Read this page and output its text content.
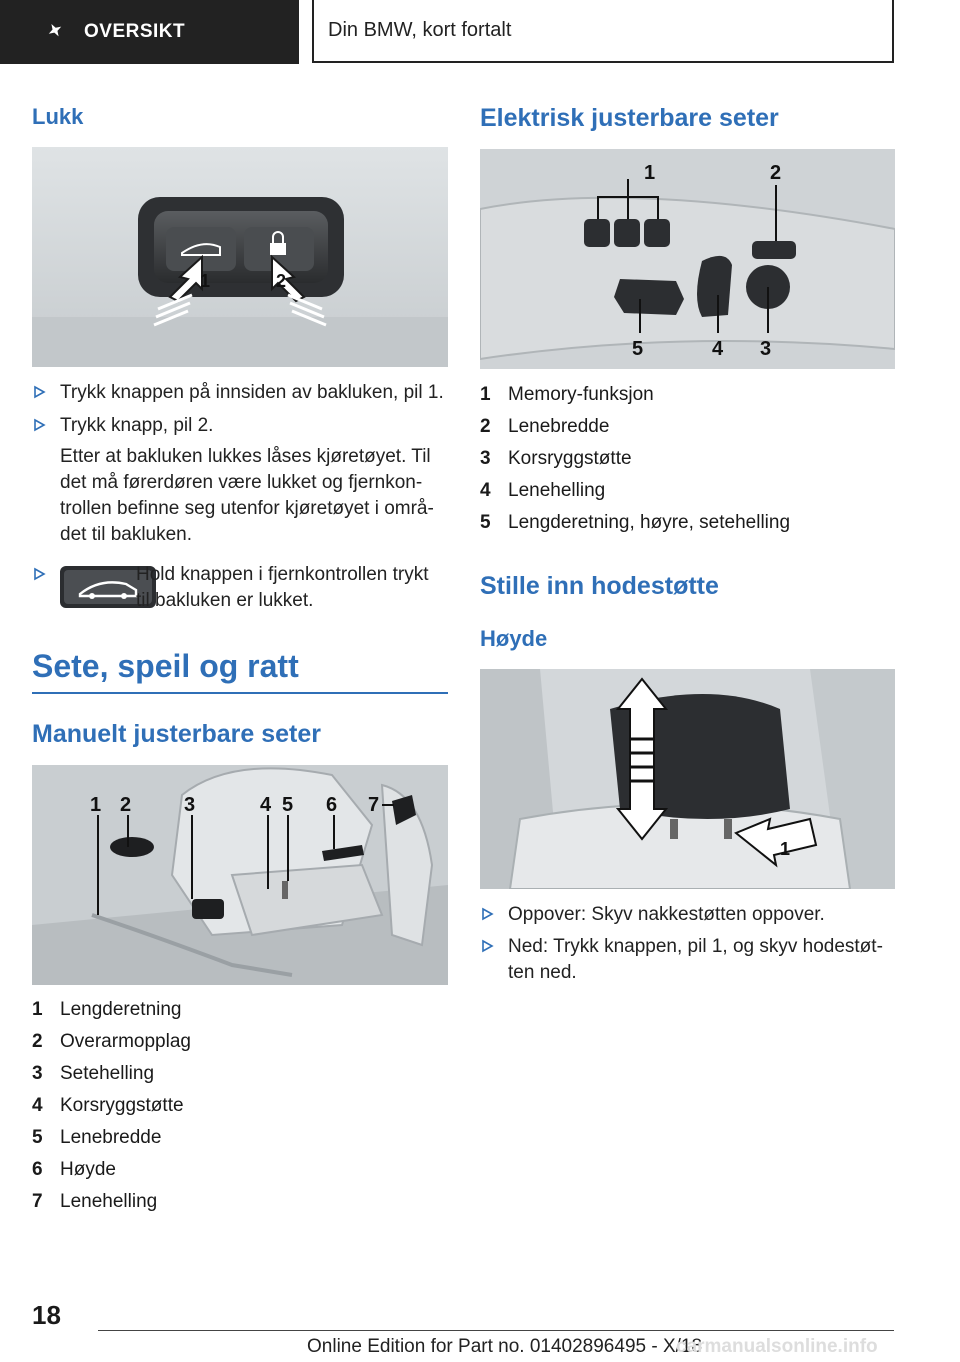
OVERSIKT	Din BMW, kort fortalt
Lukk
1	2
Trykk knappen på innsiden av bakluken, pil 1.
Trykk knapp, pil 2.
Etter at bakluken lukkes låses kjøretøyet. Til
det må førerdøren være lukket og fjernkon-
trollen befinne seg utenfor kjøretøyet i områ-
det til bakluken.
Hold knappen i fjernkontrollen trykt
til bakluken er lukket.
Sete, speil og ratt
Manuelt justerbare seter
1 2	3	4 5 6 7
1 Lengderetning
2 Overarmopplag
3 Setehelling
4 Korsryggstøtte
5 Lenebredde
6 Høyde
7 Lenehelling
Elektrisk justerbare seter
1	2
5	4 3
1 Memory-funksjon
2 Lenebredde
3 Korsryggstøtte
4 Lenehelling
5 Lengderetning, høyre, setehelling
Stille inn hodestøtte
Høyde
1
Oppover: Skyv nakkestøtten oppover.
Ned: Trykk knappen, pil 1, og skyv hodestøt-
ten ned.
18
Online Edition for Part no. 01402896495 - X/18
carmanualsonline.info
